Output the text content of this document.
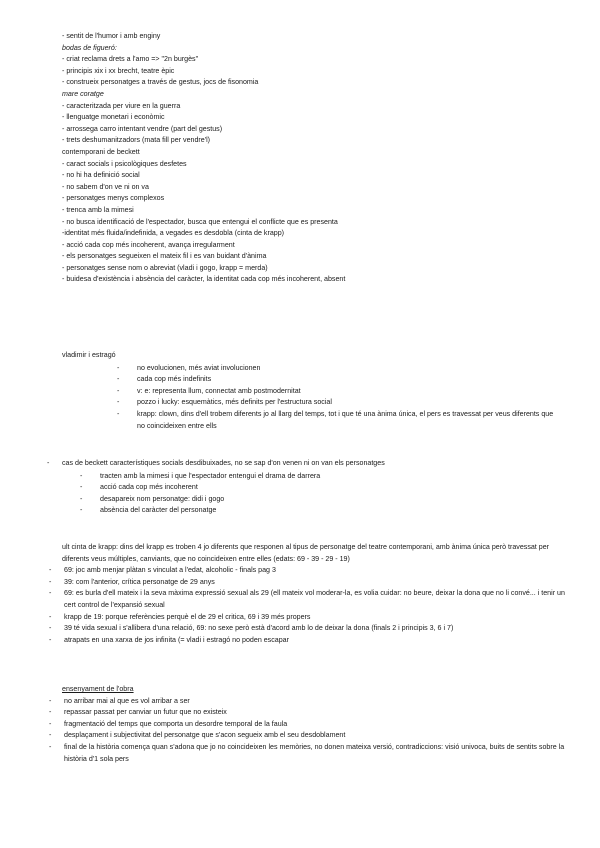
- sentit de l'humor i amb enginy
bodas de figueró:
- criat reclama drets a l'amo => "2n burgès"
- principis xix i xx brecht, teatre èpic
- construeix personatges a través de gestus, jocs de fisonomia
mare coratge
- caracteritzada per viure en la guerra
- llenguatge monetari i econòmic
- arrossega carro intentant vendre (part del gestus)
- trets deshumanitzadors (mata fill per vendre'l)
contemporani de beckett
- caract socials i psicològiques desfetes
- no hi ha definició social
- no sabem d'on ve ni on va
- personatges menys complexos
- trenca amb la mimesi
- no busca identificació de l'espectador, busca que entengui el conflicte que es presenta
-identitat més fluida/indefinida, a vegades es desdobla (cinta de krapp)
- acció cada cop més incoherent, avança irregularment
- els personatges segueixen el mateix fil i es van buidant d'ànima
- personatges sense nom o abreviat (vladi i gogo, krapp = merda)
- buidesa d'existència i absència del caràcter, la identitat cada cop més incoherent, absent
vladimir i estragó
- no evolucionen, més aviat involucionen
- cada cop més indefinits
- v: e: representa llum, connectat amb postmodernitat
- pozzo i lucky: esquemàtics, més definits per l'estructura social
- krapp: clown, dins d'ell trobem diferents jo al llarg del temps, tot i que té una ànima única, el pers es travessat per veus diferents que no coincideixen entre ells
- cas de beckett característiques socials desdibuixades, no se sap d'on venen ni on van els personatges
- tracten amb la mimesi i que l'espectador entengui el drama de darrera
- acció cada cop més incoherent
- desapareix nom personatge: didi i gogo
- absència del caràcter del personatge
ult cinta de krapp: dins del krapp es troben 4 jo diferents que responen al tipus de personatge del teatre contemporani, amb ànima única però travessat per diferents veus múltiples, canviants, que no coincideixen entre elles (edats: 69 - 39 - 29 - 19)
- 69: joc amb menjar plàtan s vinculat a l'edat, alcoholic - finals pag 3
- 39: com l'anterior, crítica personatge de 29 anys
- 69: es burla d'ell mateix i la seva màxima expressió sexual als 29 (ell mateix vol moderar-la, es volia cuidar: no beure, deixar la dona que no li convé... i tenir un cert control de l'expansió sexual
- krapp de 19: porque referències perquè el de 29 el critica, 69 i 39 més propers
- 39 té vida sexual i s'allibera d'una relació, 69: no sexe però està d'acord amb lo de deixar la dona (finals 2 i principis 3, 6 i 7)
- atrapats en una xarxa de jos infinita (= vladi i estragó no poden escapar
ensenyament de l'obra
- no arribar mai al que es vol arribar a ser
- repassar passat per canviar un futur que no existeix
- fragmentació del temps que comporta un desordre temporal de la faula
- desplaçament i subjectivitat del personatge que s'acon segueix amb el seu desdoblament
- final de la història comença quan s'adona que jo no coincideixen les memòries, no donen mateixa versió, contradiccions: visió univoca, buits de sentits sobre la història d'1 sola pers
